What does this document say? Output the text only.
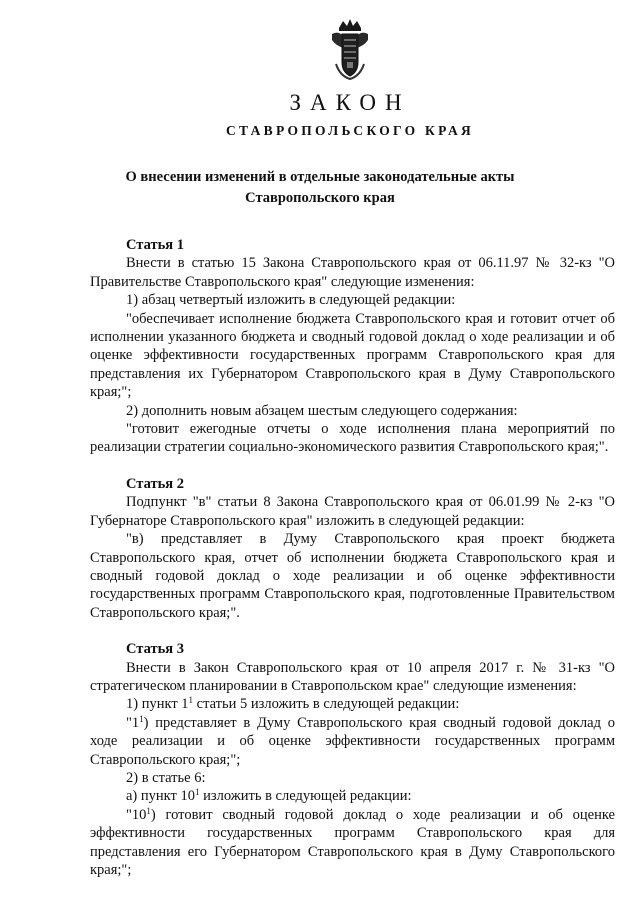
ЗАКОН
СТАВРОПОЛЬСКОГО КРАЯ
О внесении изменений в отдельные законодательные акты
Ставропольского края

Статья 1

Внести в статью 15 Закона Ставропольского края от 06.11.97 № 32-кз "О Правительстве Ставропольского края" следующие изменения:

1) абзац четвертый изложить в следующей редакции:

"обеспечивает исполнение бюджета Ставропольского края и готовит отчет об исполнении указанного бюджета и сводный годовой доклад о ходе реализации и об оценке эффективности государственных программ Ставропольского края для представления их Губернатором Ставропольского края в Думу Ставропольского края;";

2) дополнить новым абзацем шестым следующего содержания:

"готовит ежегодные отчеты о ходе исполнения плана мероприятий по реализации стратегии социально-экономического развития Ставропольского края;".

Статья 2

Подпункт "в" статьи 8 Закона Ставропольского края от 06.01.99 № 2-кз "О Губернаторе Ставропольского края" изложить в следующей редакции:

"в) представляет в Думу Ставропольского края проект бюджета Ставропольского края, отчет об исполнении бюджета Ставропольского края и сводный годовой доклад о ходе реализации и об оценке эффективности государственных программ Ставропольского края, подготовленные Правительством Ставропольского края;".

Статья 3

Внести в Закон Ставропольского края от 10 апреля 2017 г. № 31-кз "О стратегическом планировании в Ставропольском крае" следующие изменения:

1) пункт $1^1$ статьи 5 изложить в следующей редакции:

"$1^1$) представляет в Думу Ставропольского края сводный годовой доклад о ходе реализации и об оценке эффективности государственных программ Ставропольского края;";

2) в статье 6:

а) пункт $10^1$ изложить в следующей редакции:

"$10^1$) готовит сводный годовой доклад о ходе реализации и об оценке эффективности государственных программ Ставропольского края для представления его Губернатором Ставропольского края в Думу Ставропольского края;";
